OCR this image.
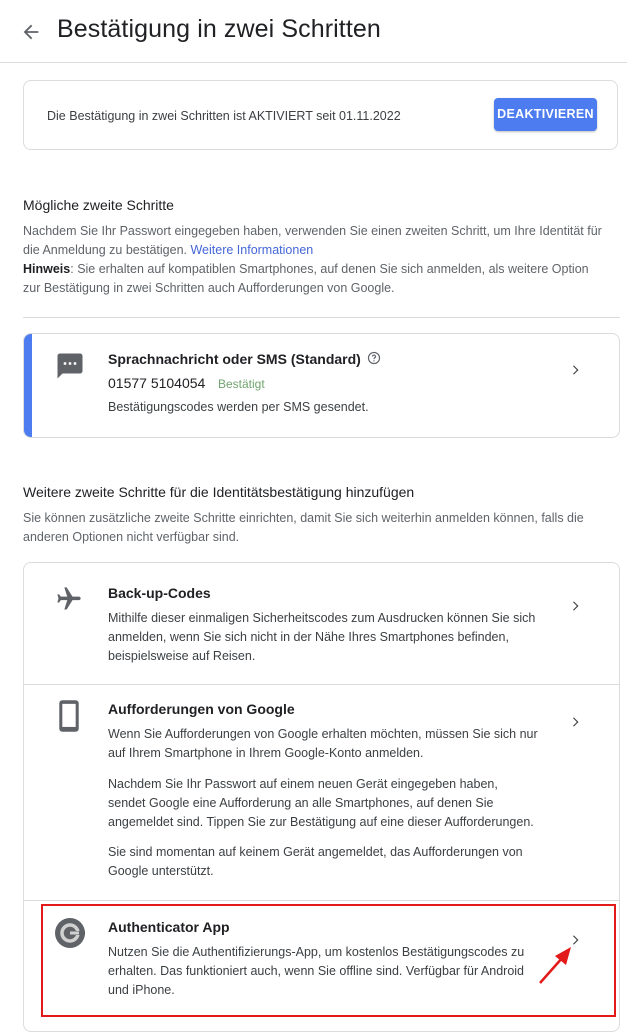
Bestätigung in zwei Schritten
Die Bestätigung in zwei Schritten ist AKTIVIERT seit 01.11.2022	DEAKTIVIEREN
Mögliche zweite Schritte
Nachdem Sie Ihr Passwort eingegeben haben, verwenden Sie einen zweiten Schritt, um Ihre Identität für die Anmeldung zu bestätigen. Weitere Informationen
Hinweis: Sie erhalten auf kompatiblen Smartphones, auf denen Sie sich anmelden, als weitere Option zur Bestätigung in zwei Schritten auch Aufforderungen von Google.
Sprachnachricht oder SMS (Standard)
01577 5104054 Bestätigt
Bestätigungscodes werden per SMS gesendet.
Weitere zweite Schritte für die Identitätsbestätigung hinzufügen
Sie können zusätzliche zweite Schritte einrichten, damit Sie sich weiterhin anmelden können, falls die anderen Optionen nicht verfügbar sind.
Back-up-Codes
Mithilfe dieser einmaligen Sicherheitscodes zum Ausdrucken können Sie sich anmelden, wenn Sie sich nicht in der Nähe Ihres Smartphones befinden, beispielsweise auf Reisen.
Aufforderungen von Google
Wenn Sie Aufforderungen von Google erhalten möchten, müssen Sie sich nur auf Ihrem Smartphone in Ihrem Google-Konto anmelden.
Nachdem Sie Ihr Passwort auf einem neuen Gerät eingegeben haben, sendet Google eine Aufforderung an alle Smartphones, auf denen Sie angemeldet sind. Tippen Sie zur Bestätigung auf eine dieser Aufforderungen.
Sie sind momentan auf keinem Gerät angemeldet, das Aufforderungen von Google unterstützt.
Authenticator App
Nutzen Sie die Authentifizierungs-App, um kostenlos Bestätigungscodes zu erhalten. Das funktioniert auch, wenn Sie offline sind. Verfügbar für Android und iPhone.
